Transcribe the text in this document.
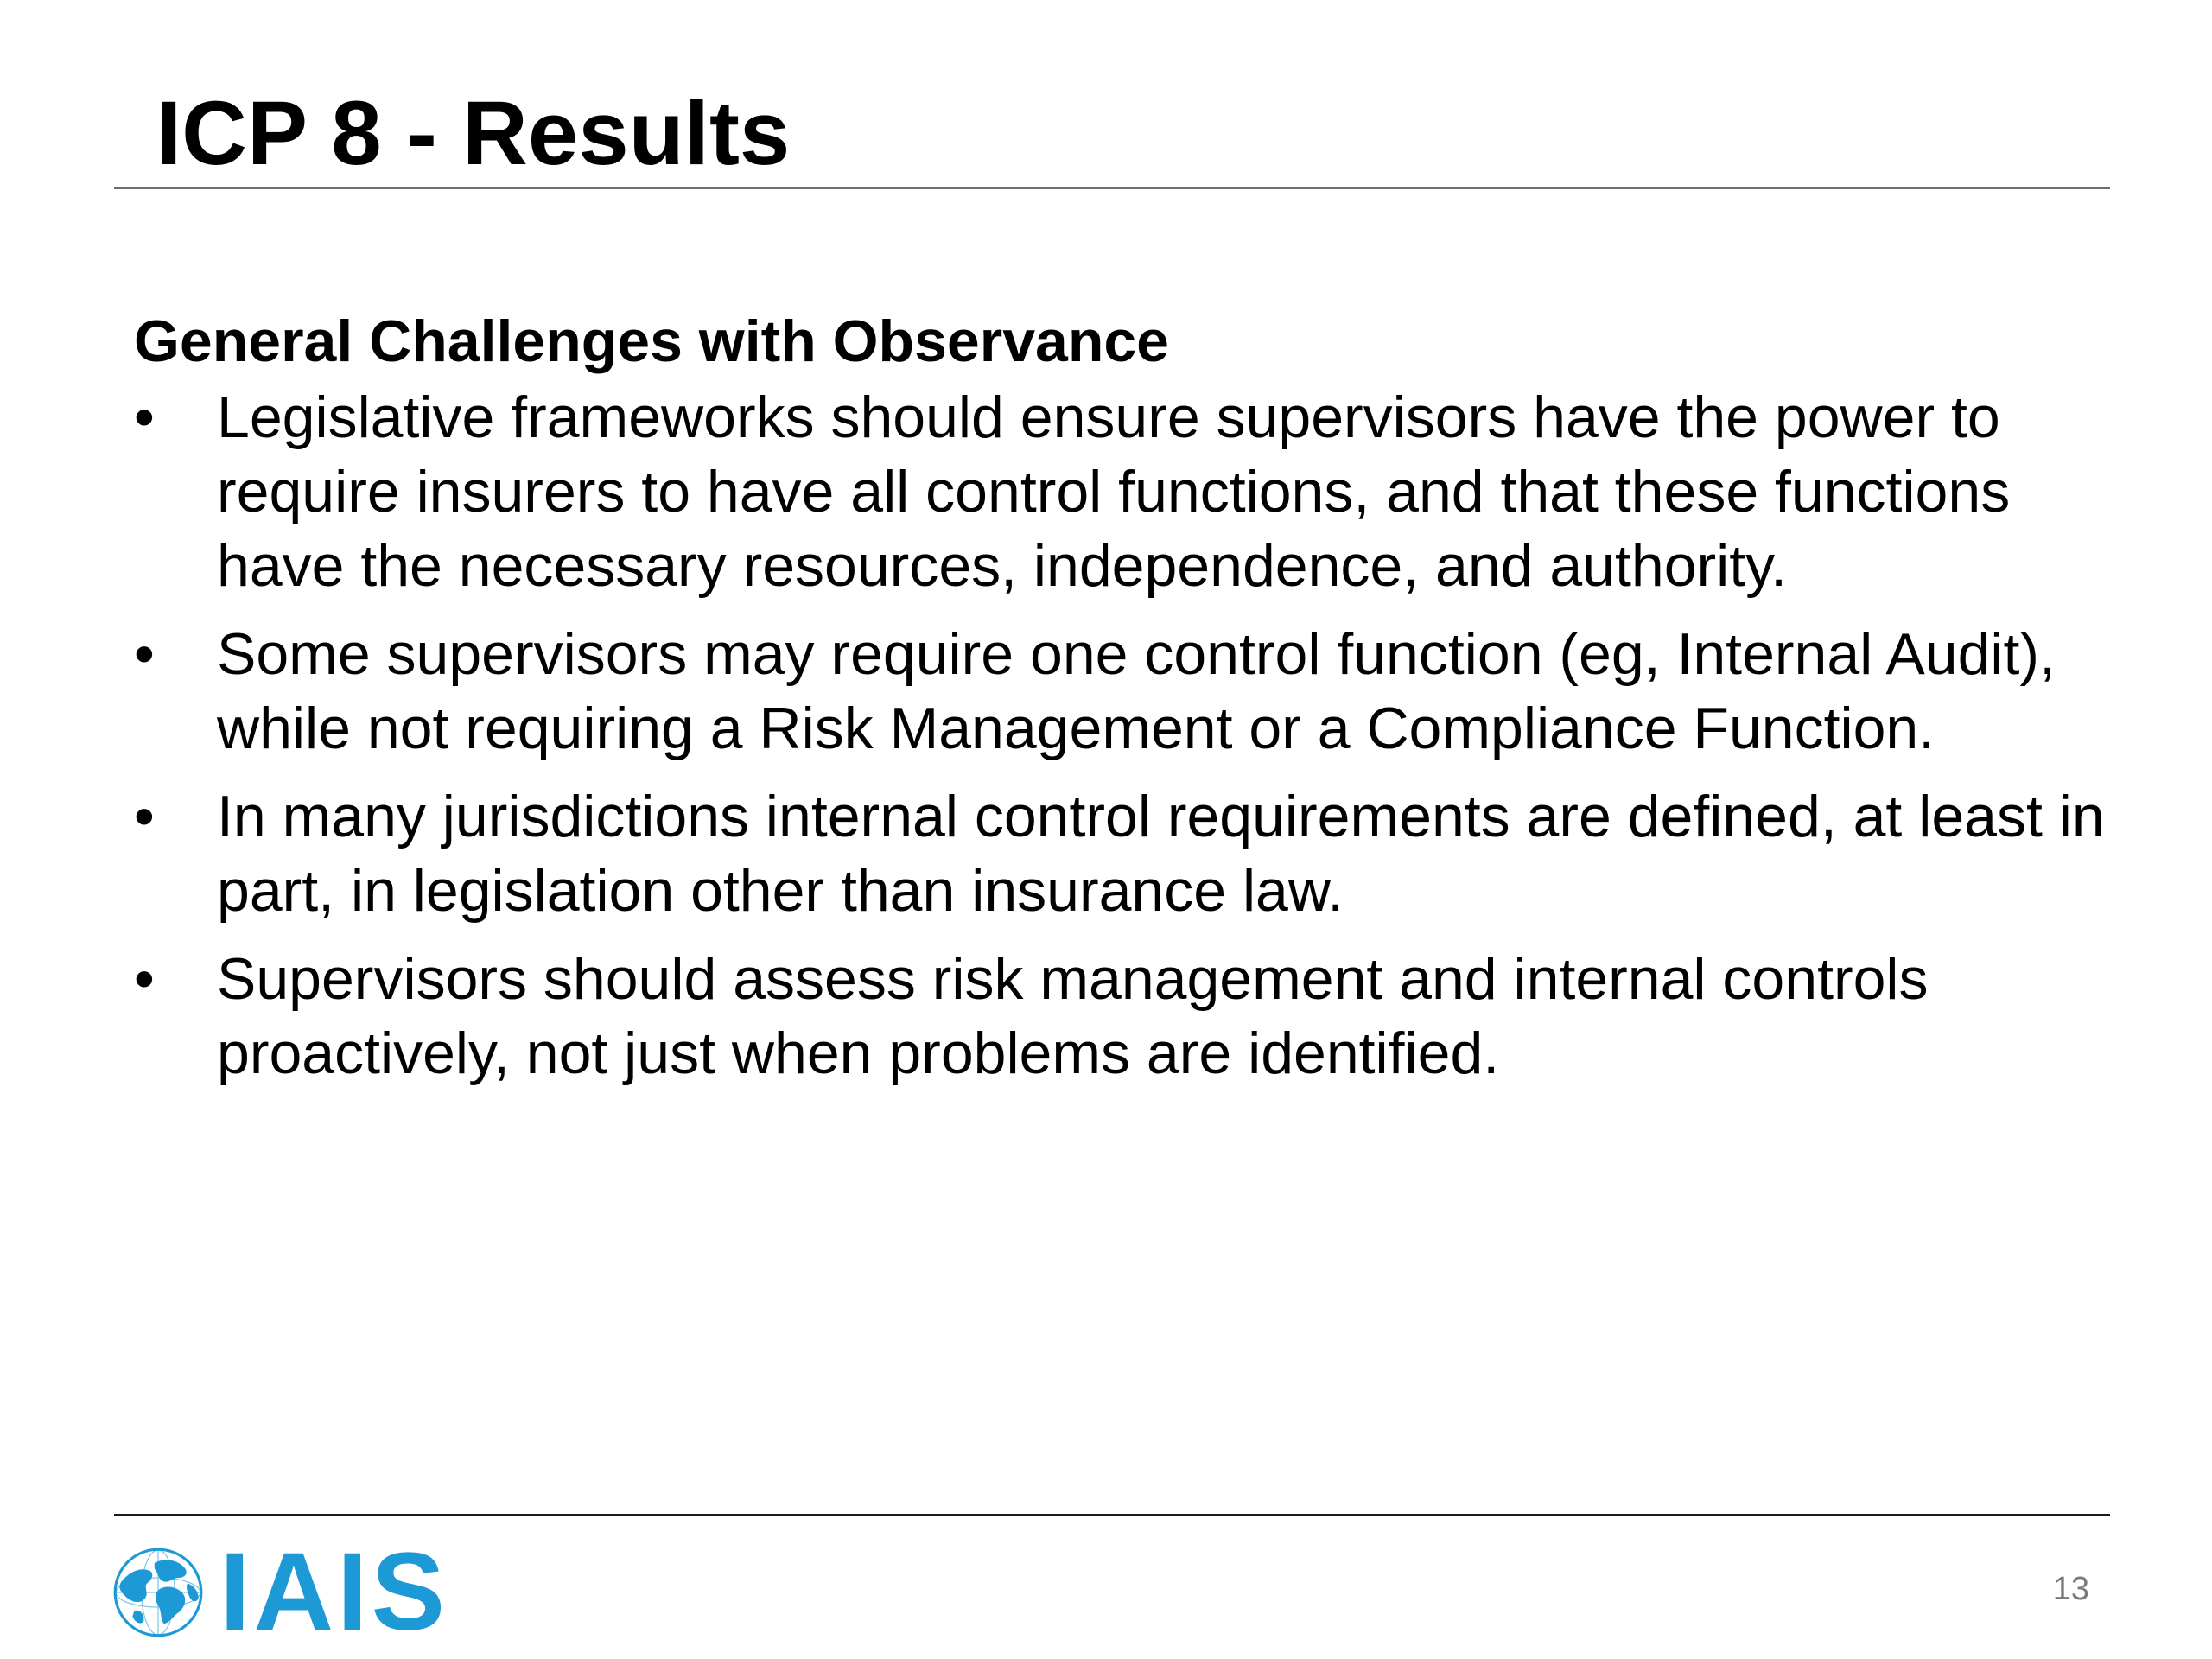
ICP 8 - Results

General Challenges with Observance

• Legislative frameworks should ensure supervisors have the power to require insurers to have all control functions, and that these functions have the necessary resources, independence, and authority.
• Some supervisors may require one control function (eg, Internal Audit), while not requiring a Risk Management or a Compliance Function.
• In many jurisdictions internal control requirements are defined, at least in part, in legislation other than insurance law.
• Supervisors should assess risk management and internal controls proactively, not just when problems are identified.
IAIS	13
